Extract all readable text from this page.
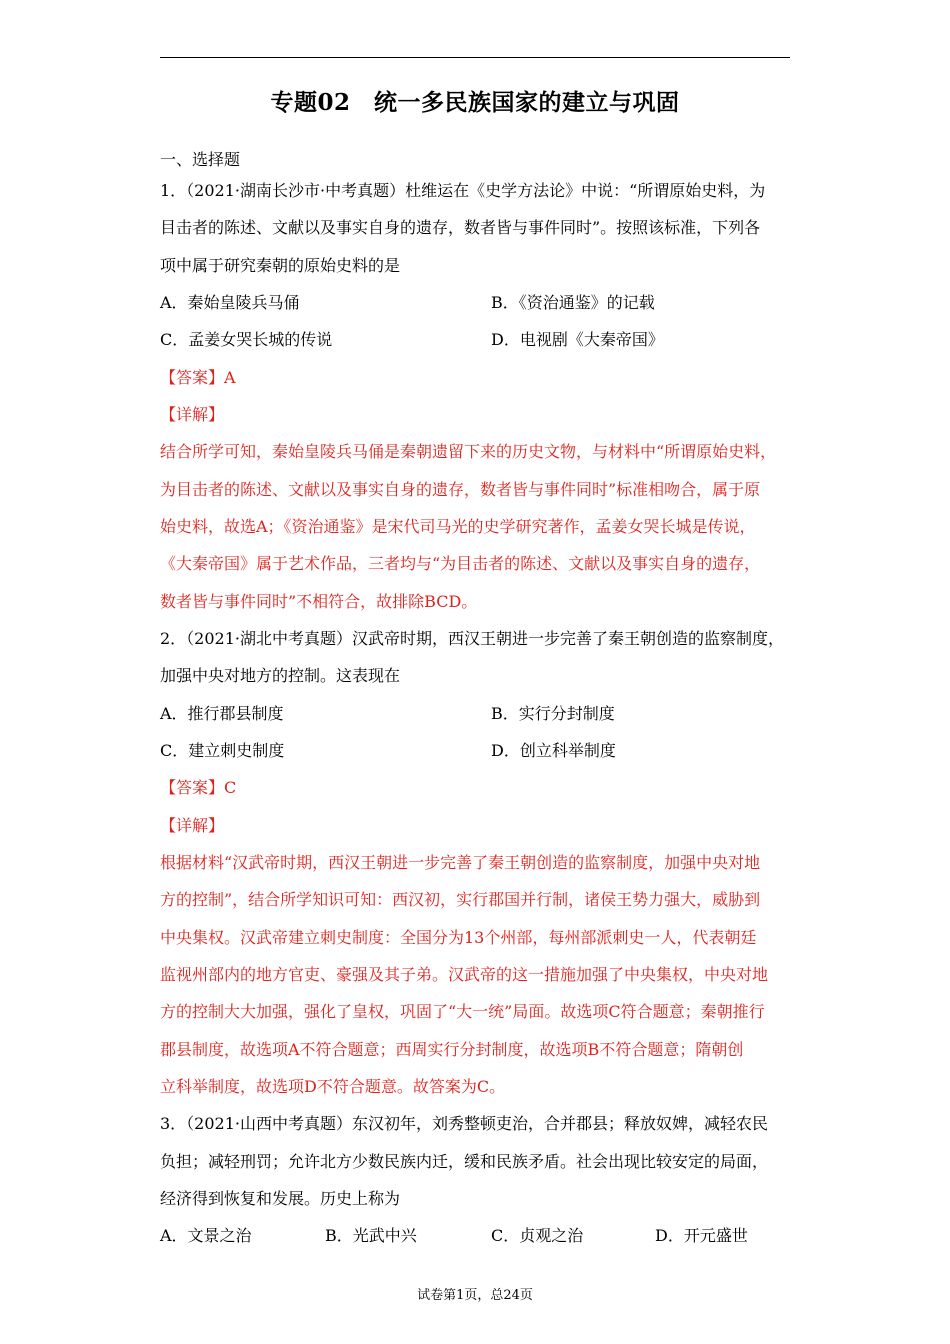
专题02　统一多民族国家的建立与巩固
一、选择题
1．（2021·湖南长沙市·中考真题）杜维运在《史学方法论》中说：“所谓原始史料，为
目击者的陈述、文献以及事实自身的遗存，数者皆与事件同时”。按照该标准，下列各
项中属于研究秦朝的原始史料的是
A．秦始皇陵兵马俑	B．《资治通鉴》的记载
C．孟姜女哭长城的传说	D．电视剧《大秦帝国》
【答案】A
【详解】
结合所学可知，秦始皇陵兵马俑是秦朝遗留下来的历史文物，与材料中“所谓原始史料，
为目击者的陈述、文献以及事实自身的遗存，数者皆与事件同时”标准相吻合，属于原
始史料，故选A；《资治通鉴》是宋代司马光的史学研究著作，孟姜女哭长城是传说，
《大秦帝国》属于艺术作品，三者均与“为目击者的陈述、文献以及事实自身的遗存，
数者皆与事件同时”不相符合，故排除BCD。
2．（2021·湖北中考真题）汉武帝时期，西汉王朝进一步完善了秦王朝创造的监察制度，
加强中央对地方的控制。这表现在
A．推行郡县制度	B．实行分封制度
C．建立刺史制度	D．创立科举制度
【答案】C
【详解】
根据材料“汉武帝时期，西汉王朝进一步完善了秦王朝创造的监察制度，加强中央对地
方的控制”，结合所学知识可知：西汉初，实行郡国并行制，诸侯王势力强大，威胁到
中央集权。汉武帝建立刺史制度：全国分为13个州部，每州部派刺史一人，代表朝廷
监视州部内的地方官吏、豪强及其子弟。汉武帝的这一措施加强了中央集权，中央对地
方的控制大大加强，强化了皇权，巩固了“大一统”局面。故选项C符合题意；秦朝推行
郡县制度，故选项A不符合题意；西周实行分封制度，故选项B不符合题意；隋朝创
立科举制度，故选项D不符合题意。故答案为C。
3．（2021·山西中考真题）东汉初年，刘秀整顿吏治，合并郡县；释放奴婢，减轻农民
负担；减轻刑罚；允许北方少数民族内迁，缓和民族矛盾。社会出现比较安定的局面，
经济得到恢复和发展。历史上称为
A．文景之治	B．光武中兴	C．贞观之治	D．开元盛世
试卷第1页，总24页
